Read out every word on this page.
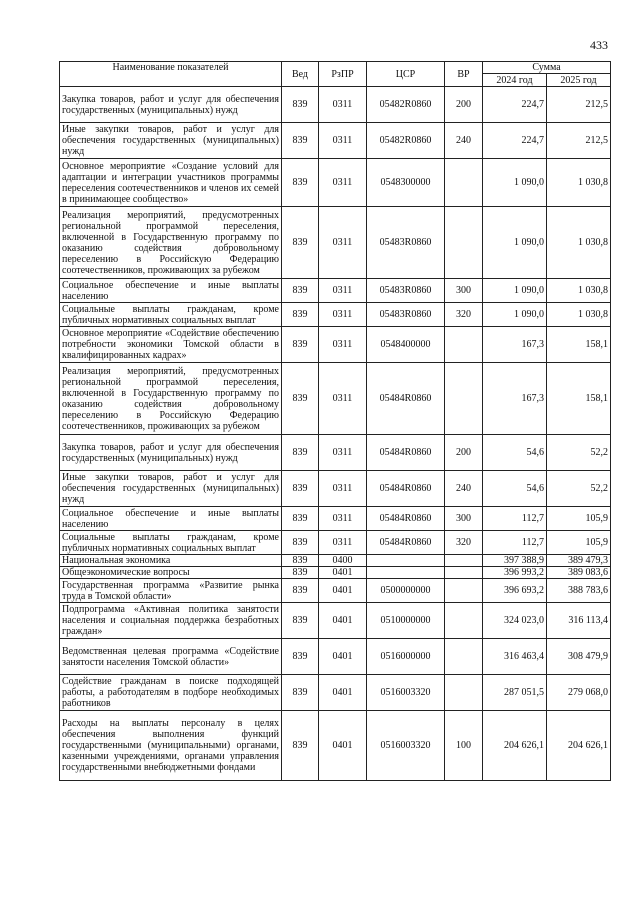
433
Наименование показателей	Вед	РзПР	ЦСР	ВР	Сумма	
					2024 год	2025 год
Закупка товаров, работ и услуг для обеспечения государственных (муниципальных) нужд	839	0311	05482R0860	200	224,7	212,5
Иные закупки товаров, работ и услуг для обеспечения государственных (муниципальных) нужд	839	0311	05482R0860	240	224,7	212,5
Основное мероприятие «Создание условий для адаптации и интеграции участников программы переселения соотечественников и членов их семей в принимающее сообщество»	839	0311	0548300000		1 090,0	1 030,8
Реализация мероприятий, предусмотренных региональной программой переселения, включенной в Государственную программу по оказанию содействия добровольному переселению в Российскую Федерацию соотечественников, проживающих за рубежом	839	0311	05483R0860		1 090,0	1 030,8
Социальное обеспечение и иные выплаты населению	839	0311	05483R0860	300	1 090,0	1 030,8
Социальные выплаты гражданам, кроме публичных нормативных социальных выплат	839	0311	05483R0860	320	1 090,0	1 030,8
Основное мероприятие «Содействие обеспечению потребности экономики Томской области в квалифицированных кадрах»	839	0311	0548400000		167,3	158,1
Реализация мероприятий, предусмотренных региональной программой переселения, включенной в Государственную программу по оказанию содействия добровольному переселению в Российскую Федерацию соотечественников, проживающих за рубежом	839	0311	05484R0860		167,3	158,1
Закупка товаров, работ и услуг для обеспечения государственных (муниципальных) нужд	839	0311	05484R0860	200	54,6	52,2
Иные закупки товаров, работ и услуг для обеспечения государственных (муниципальных) нужд	839	0311	05484R0860	240	54,6	52,2
Социальное обеспечение и иные выплаты населению	839	0311	05484R0860	300	112,7	105,9
Социальные выплаты гражданам, кроме публичных нормативных социальных выплат	839	0311	05484R0860	320	112,7	105,9
Национальная экономика	839	0400			397 388,9	389 479,3
Общеэкономические вопросы	839	0401			396 993,2	389 083,6
Государственная программа «Развитие рынка труда в Томской области»	839	0401	0500000000		396 693,2	388 783,6
Подпрограмма «Активная политика занятости населения и социальная поддержка безработных граждан»	839	0401	0510000000		324 023,0	316 113,4
Ведомственная целевая программа «Содействие занятости населения Томской области»	839	0401	0516000000		316 463,4	308 479,9
Содействие гражданам в поиске подходящей работы, а работодателям в подборе необходимых работников	839	0401	0516003320		287 051,5	279 068,0
Расходы на выплаты персоналу в целях обеспечения выполнения функций государственными (муниципальными) органами, казенными учреждениями, органами управления государственными внебюджетными фондами	839	0401	0516003320	100	204 626,1	204 626,1
